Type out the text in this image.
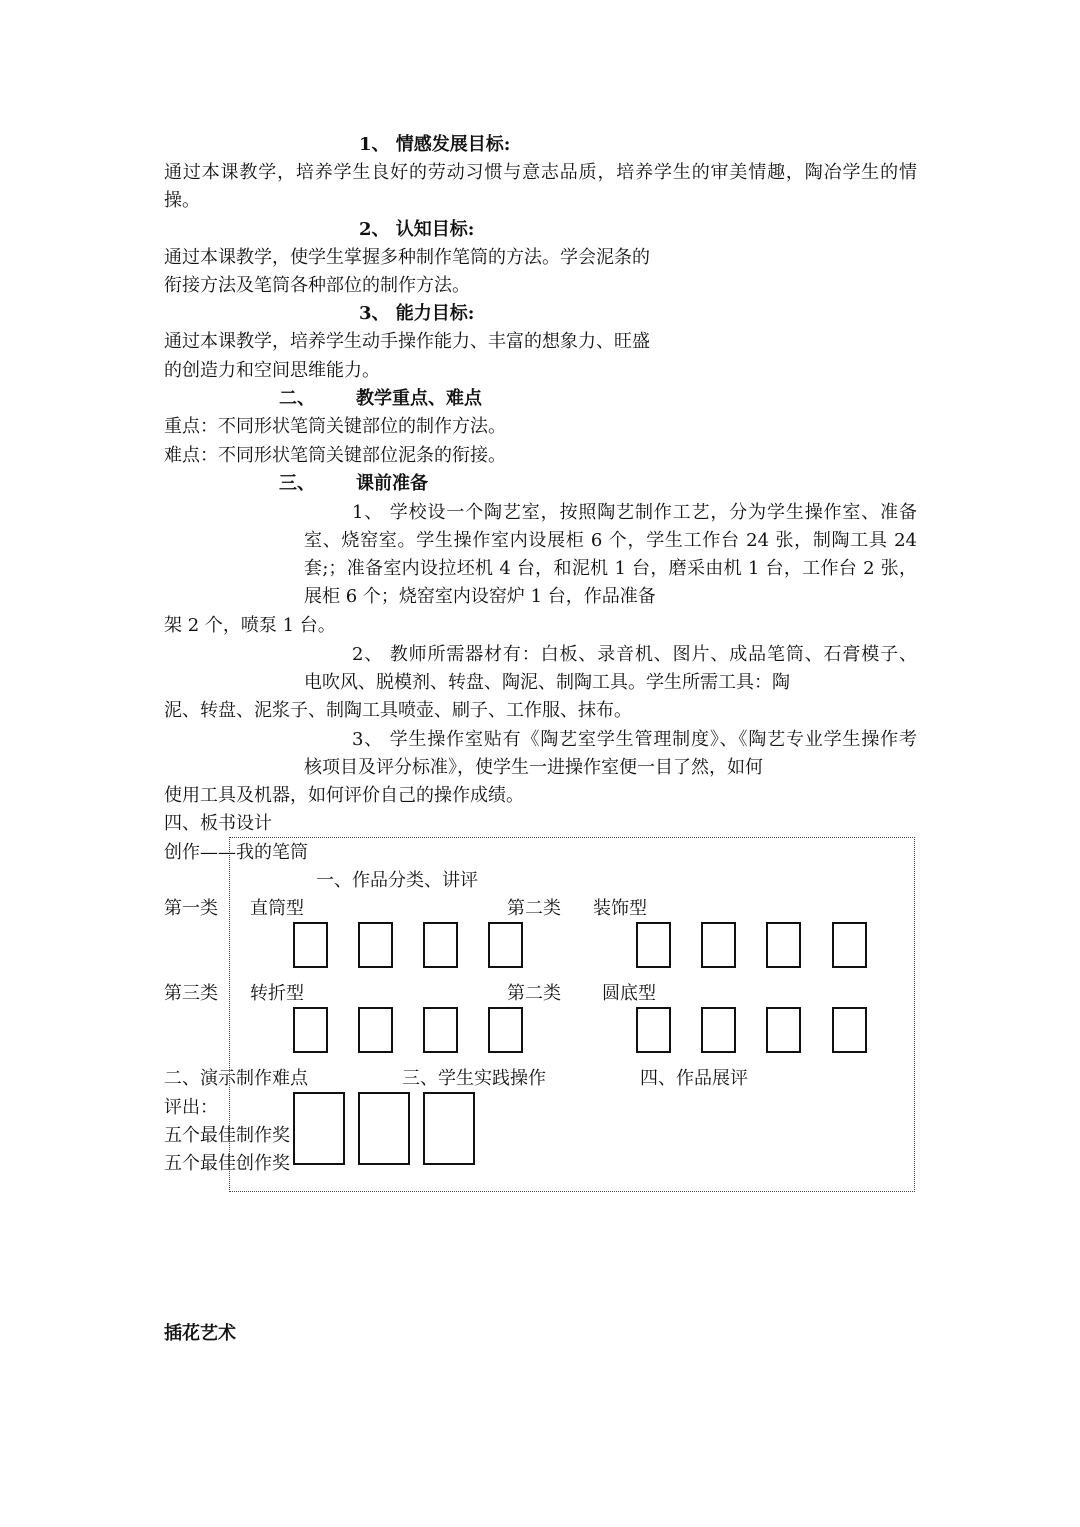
1、 情感发展目标:
通过本课教学，培养学生良好的劳动习惯与意志品质，培养学生的审美情趣，陶冶学生的情
操。
2、 认知目标:
通过本课教学，使学生掌握多种制作笔筒的方法。学会泥条的
衔接方法及笔筒各种部位的制作方法。
3、 能力目标:
通过本课教学，培养学生动手操作能力、丰富的想象力、旺盛
的创造力和空间思维能力。
二、 教学重点、难点
重点：不同形状笔筒关键部位的制作方法。
难点：不同形状笔筒关键部位泥条的衔接。
三、 课前准备
1、 学校设一个陶艺室，按照陶艺制作工艺，分为学生操作室、准备
室、烧窑室。学生操作室内设展柜 6 个，学生工作台 24 张，制陶工具 24
套;；准备室内设拉坯机 4 台，和泥机 1 台，磨采由机 1 台，工作台 2 张，
展柜 6 个；烧窑室内设窑炉 1 台，作品准备
架 2 个，喷泵 1 台。
2、 教师所需器材有：白板、录音机、图片、成品笔筒、石膏模子、
电吹风、脱模剂、转盘、陶泥、制陶工具。学生所需工具：陶
泥、转盘、泥浆子、制陶工具喷壶、刷子、工作服、抹布。
3、 学生操作室贴有《陶艺室学生管理制度》、《陶艺专业学生操作考
核项目及评分标准》，使学生一进操作室便一目了然，如何
使用工具及机器，如何评价自己的操作成绩。
四、板书设计
创作——我的笔筒
一、作品分类、讲评
第一类 直筒型	第二类 装饰型
第三类 转折型	第二类 圆底型
二、演示制作难点	三、学生实践操作	四、作品展评
评出：
五个最佳制作奖
五个最佳创作奖
插花艺术
